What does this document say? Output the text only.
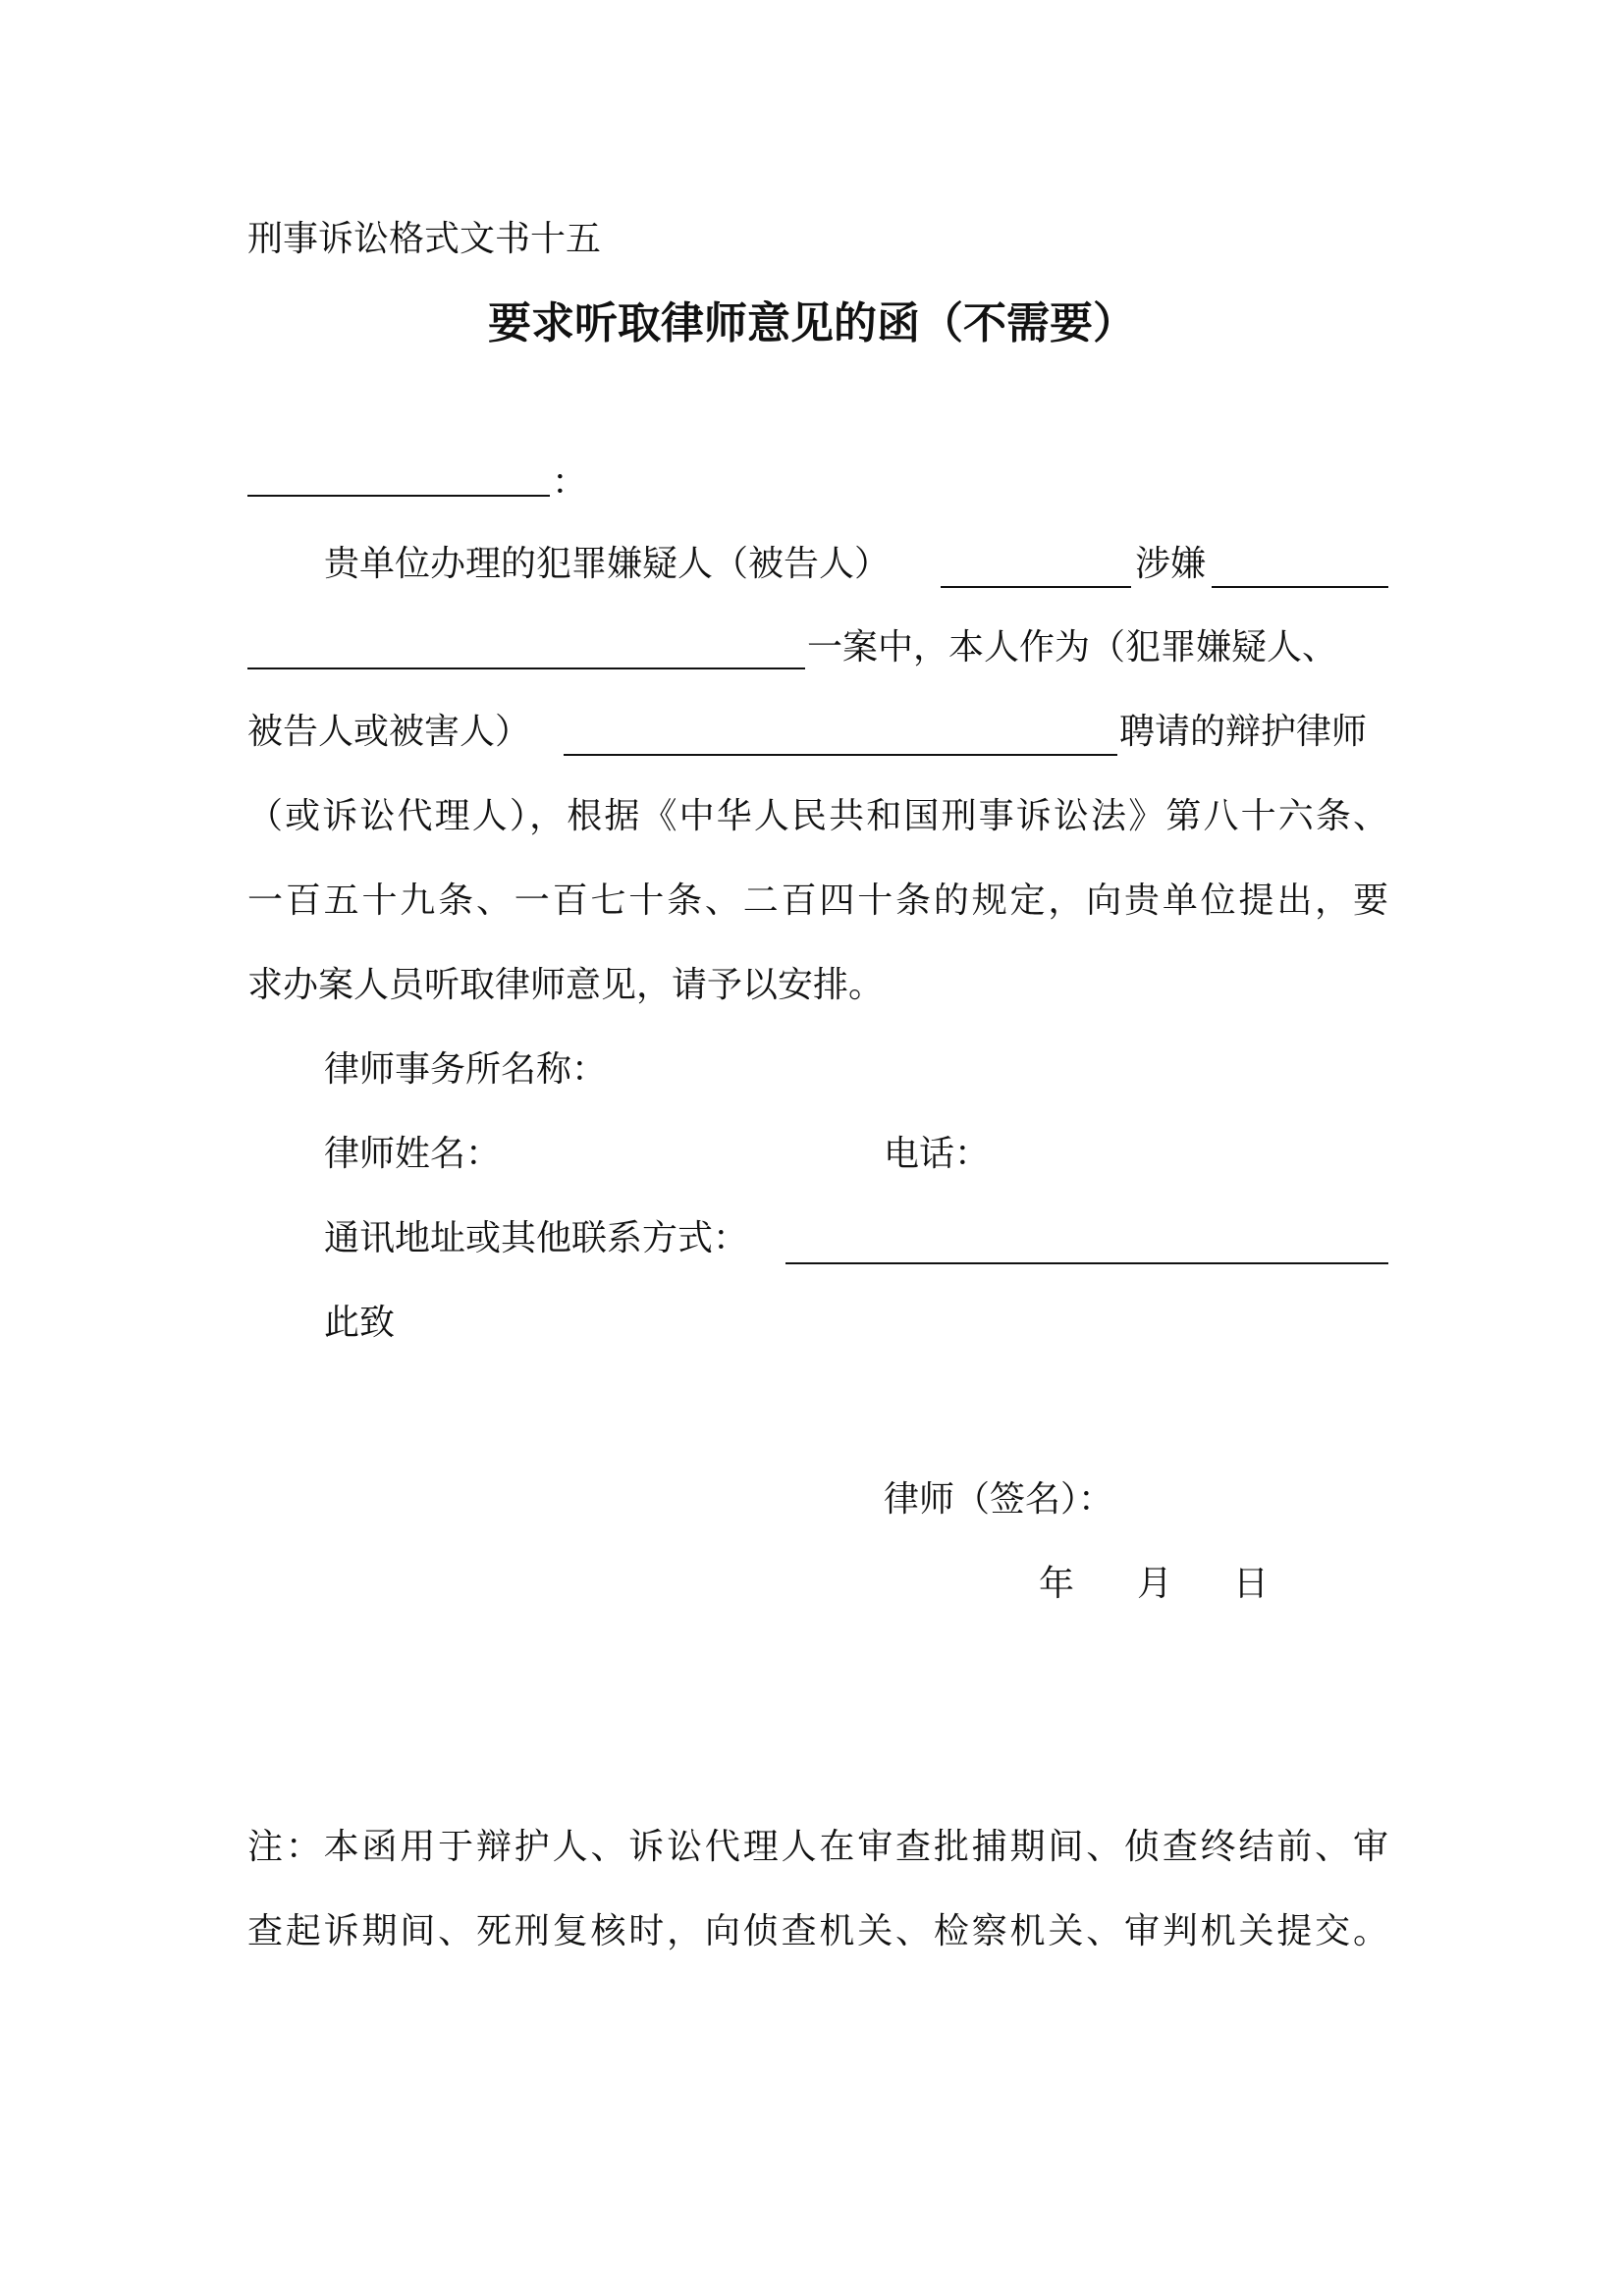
刑事诉讼格式文书十五
要求听取律师意见的函（不需要）
：
贵单位办理的犯罪嫌疑人（被告人）	涉嫌
一案中，本人作为（犯罪嫌疑人、
被告人或被害人）	聘请的辩护律师
（或诉讼代理人），根据《中华人民共和国刑事诉讼法》第八十六条、
一百五十九条、一百七十条、二百四十条的规定，向贵单位提出，要
求办案人员听取律师意见，请予以安排。
律师事务所名称：
律师姓名：	电话：
通讯地址或其他联系方式：
此致
律师（签名）：
年 月 日
注：本函用于辩护人、诉讼代理人在审查批捕期间、侦查终结前、审
查起诉期间、死刑复核时，向侦查机关、检察机关、审判机关提交。
